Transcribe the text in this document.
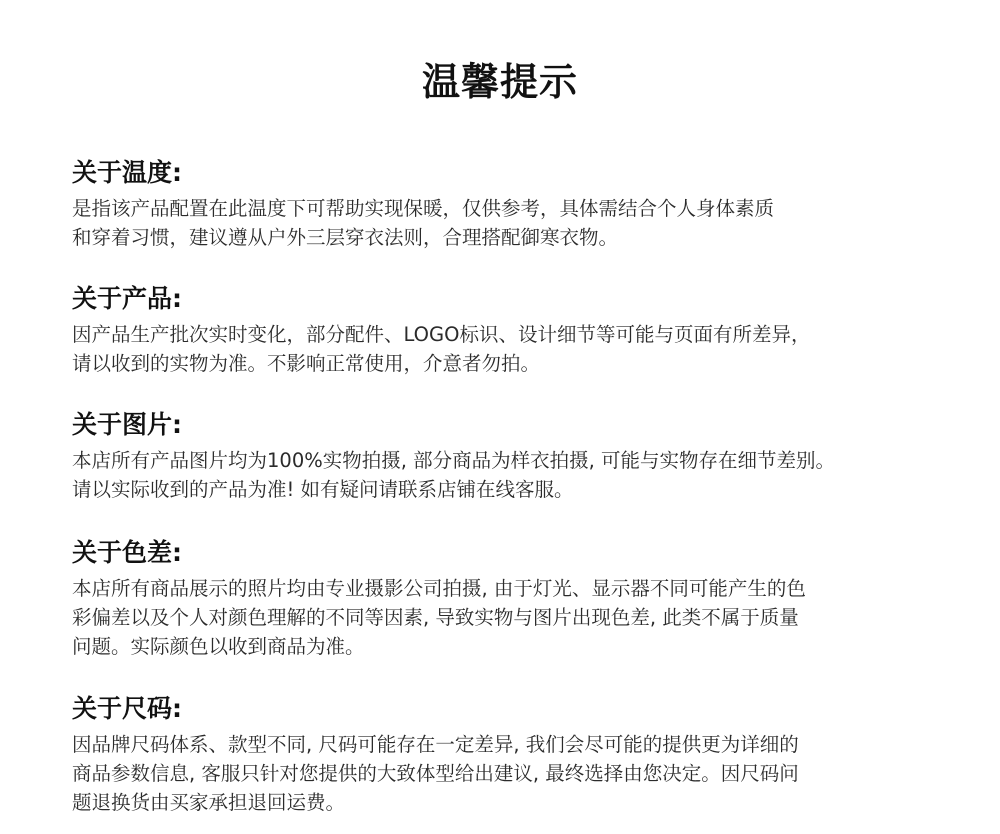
温馨提示
关于温度:

是指该产品配置在此温度下可帮助实现保暖，仅供参考，具体需结合个人身体素质
和穿着习惯，建议遵从户外三层穿衣法则，合理搭配御寒衣物。

关于产品:

因产品生产批次实时变化，部分配件、LOGO标识、设计细节等可能与页面有所差异，
请以收到的实物为准。不影响正常使用，介意者勿拍。

关于图片:

本店所有产品图片均为100%实物拍摄, 部分商品为样衣拍摄, 可能与实物存在细节差别。
请以实际收到的产品为准! 如有疑问请联系店铺在线客服。

关于色差:

本店所有商品展示的照片均由专业摄影公司拍摄, 由于灯光、显示器不同可能产生的色
彩偏差以及个人对颜色理解的不同等因素, 导致实物与图片出现色差, 此类不属于质量
问题。实际颜色以收到商品为准。

关于尺码:

因品牌尺码体系、款型不同, 尺码可能存在一定差异, 我们会尽可能的提供更为详细的
商品参数信息, 客服只针对您提供的大致体型给出建议, 最终选择由您决定。因尺码问
题退换货由买家承担退回运费。
